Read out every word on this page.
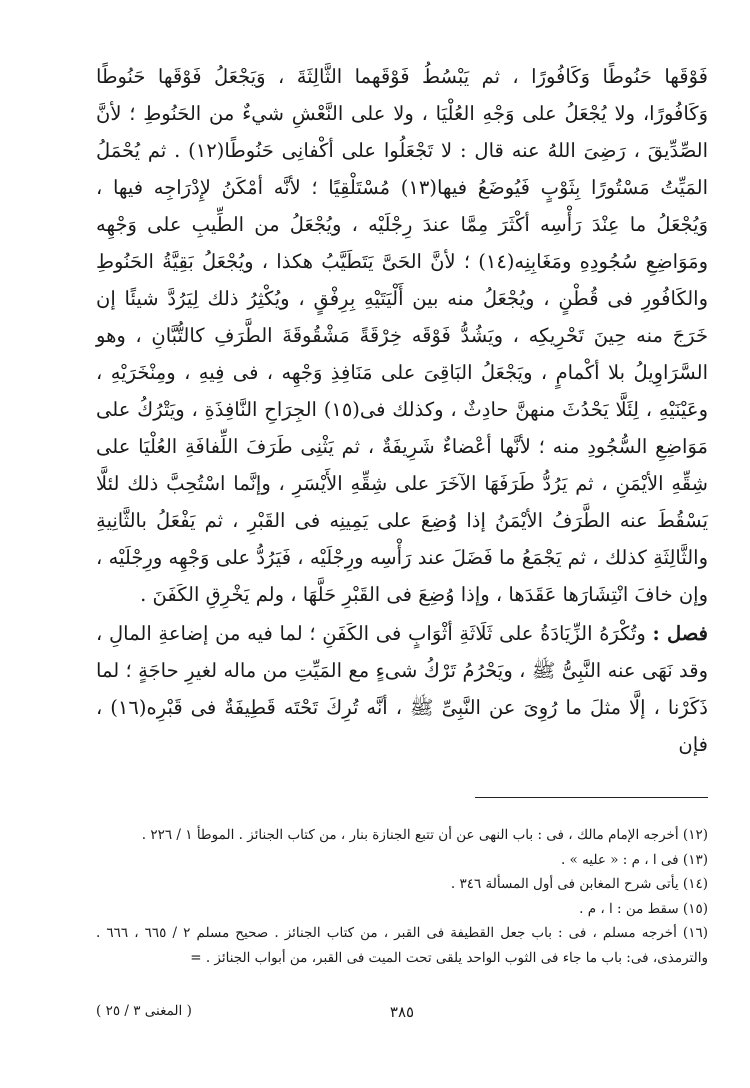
فَوْقَها حَنُوطًا وَكَافُورًا ، ثم يَبْسُطُ فَوْقَهما الثَّالِثَةَ ، وَيَجْعَلُ فَوْقَها حَنُوطًا وَكَافُورًا، ولا يُجْعَلُ على وَجْهِ العُلْيَا ، ولا على النَّعْشِ شيءٌ من الحَنُوطِ ؛ لأنَّ الصِّدِّيقَ ، رَضِىَ اللهُ عنه قال : لا تَجْعَلُوا على أكْفانِى حَنُوطًا(١٢) . ثم يُحْمَلُ المَيِّتُ مَسْتُورًا بِثَوْبٍ فَيُوضَعُ فيها(١٣) مُسْتَلْقِيًا ؛ لأنَّه أمْكَنُ لإِدْرَاجِه فيها ، وَيُجْعَلُ ما عِنْدَ رَأْسِه أكْثَرَ مِمَّا عندَ رِجْلَيْه ، ويُجْعَلُ من الطِّيبِ على وَجْهِه ومَوَاضِعِ سُجُودِهِ ومَغَابِنِه(١٤) ؛ لأنَّ الحَىَّ يَتَطَيَّبُ هكذا ، ويُجْعَلُ بَقِيَّةُ الحَنُوطِ والكَافُورِ فى قُطْنٍ ، ويُجْعَلُ منه بين أَلْيَتَيْهِ بِرِفْقٍ ، ويُكْثِرُ ذلك لِيَرُدَّ شيئًا إن خَرَجَ منه حِينَ تَحْرِيكِه ، ويَشُدُّ فَوْقَه خِرْقَةً مَشْقُوقَةَ الطَّرَفِ كالتُّبَّانِ ، وهو السَّرَاوِيلُ بلا أكْمامٍ ، ويَجْعَلُ البَاقِىَ على مَنَافِذِ وَجْهِه ، فى فِيهِ ، ومِنْخَرَيْهِ ، وعَيْنَيْهِ ، لِئَلَّا يَحْدُثَ منهنَّ حادِثٌ ، وكذلك فى(١٥) الجِرَاحِ النَّافِذَةِ ، ويَتْرُكُ على مَوَاضِعِ السُّجُودِ منه ؛ لأنَّها أعْضاءٌ شَرِيفَةٌ ، ثم يَثْنِى طَرَفَ اللِّفافَةِ العُلْيَا على شِقِّهِ الأيْمَنِ ، ثم يَرُدُّ طَرَفَهَا الآخَرَ على شِقِّهِ الأَيْسَرِ ، وإنَّما اسْتُحِبَّ ذلك لئلَّا يَسْقُطَ عنه الطَّرَفُ الأيْمَنُ إذا وُضِعَ على يَمِينِه فى القَبْرِ ، ثم يَفْعَلُ بالثَّانِيةِ والثَّالِثَةِ كذلك ، ثم يَجْمَعُ ما فَضَلَ عند رَأْسِه ورِجْلَيْه ، فَيَرُدُّ على وَجْهِه ورِجْلَيْه ، وإن خافَ انْتِشَارَها عَقَدَها ، وإذا وُضِعَ فى القَبْرِ حَلَّهَا ، ولم يَخْرِقِ الكَفَنَ .

فصل : وتُكْرَهُ الزِّيَادَةُ على ثَلَاثَةِ أثْوَابٍ فى الكَفَنِ ؛ لما فيه من إضاعةِ المالِ ، وقد نَهَى عنه النَّبِىُّ ﷺ ، ويَحْرُمُ تَرْكُ شىءٍ مع المَيِّتِ من ماله لغيرِ حاجَةٍ ؛ لما ذَكَرْنا ، إلَّا مثلَ ما رُوِىَ عن النَّبِىِّ ﷺ ، أنَّه تُرِكَ تَحْتَه قَطِيفَةٌ فى قَبْرِه(١٦) ، فإن

(١٢) أخرجه الإمام مالك ، فى : باب النهى عن أن تتبع الجنازة بنار ، من كتاب الجنائز . الموطأ ١ / ٢٢٦ .

(١٣) فى ا ، م : « عليه » .

(١٤) يأتى شرح المغابن فى أول المسألة ٣٤٦ .

(١٥) سقط من : ا ، م .

(١٦) أخرجه مسلم ، فى : باب جعل القطيفة فى القبر ، من كتاب الجنائز . صحيح مسلم ٢ / ٦٦٥ ، ٦٦٦ . والترمذى، فى: باب ما جاء فى الثوب الواحد يلقى تحت الميت فى القبر، من أبواب الجنائز . =

٣٨٥
( المغنى ٣ / ٢٥ )
